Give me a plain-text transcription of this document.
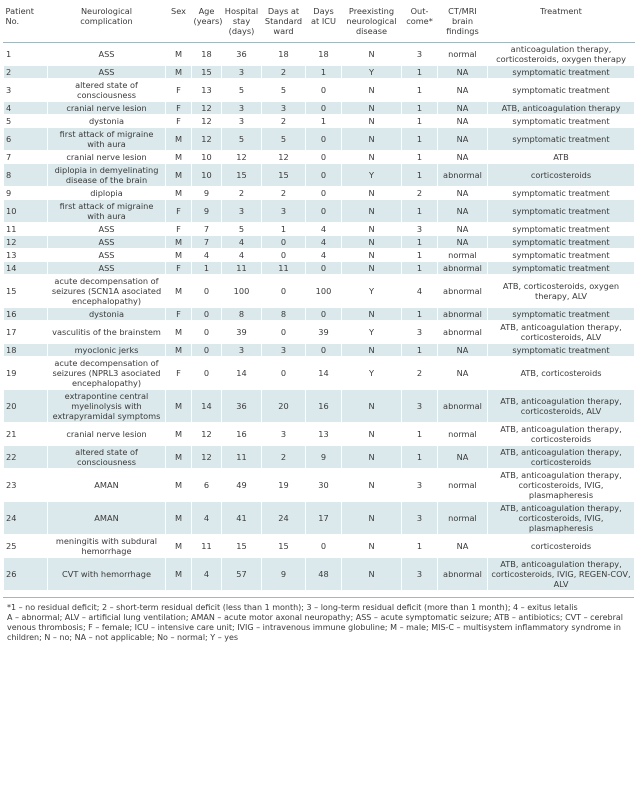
Patient
No.	Neurological
complication	Sex	Age
(years)	Hospital
stay
(days)	Days at
Standard
ward	Days
at ICU	Preexisting
neurological
disease	Out-
come*	CT/MRI
brain
findings	Treatment
1	ASS	M	18	36	18	18	N	3	normal	anticoagulation therapy, corticosteroids, oxygen therapy
2	ASS	M	15	3	2	1	Y	1	NA	symptomatic treatment
3	altered state of consciousness	F	13	5	5	0	N	1	NA	symptomatic treatment
4	cranial nerve lesion	F	12	3	3	0	N	1	NA	ATB, anticoagulation therapy
5	dystonia	F	12	3	2	1	N	1	NA	symptomatic treatment
6	first attack of migraine with aura	M	12	5	5	0	N	1	NA	symptomatic treatment
7	cranial nerve lesion	M	10	12	12	0	N	1	NA	ATB
8	diplopia in demyelinating disease of the brain	M	10	15	15	0	Y	1	abnormal	corticosteroids
9	diplopia	M	9	2	2	0	N	2	NA	symptomatic treatment
10	first attack of migraine with aura	F	9	3	3	0	N	1	NA	symptomatic treatment
11	ASS	F	7	5	1	4	N	3	NA	symptomatic treatment
12	ASS	M	7	4	0	4	N	1	NA	symptomatic treatment
13	ASS	M	4	4	0	4	N	1	normal	symptomatic treatment
14	ASS	F	1	11	11	0	N	1	abnormal	symptomatic treatment
15	acute decompensation of seizures (SCN1A asociated encephalopathy)	M	0	100	0	100	Y	4	abnormal	ATB, corticosteroids, oxygen therapy, ALV
16	dystonia	F	0	8	8	0	N	1	abnormal	symptomatic treatment
17	vasculitis of the brainstem	M	0	39	0	39	Y	3	abnormal	ATB, anticoagulation therapy, corticosteroids, ALV
18	myoclonic jerks	M	0	3	3	0	N	1	NA	symptomatic treatment
19	acute decompensation of seizures (NPRL3 asociated encephalopathy)	F	0	14	0	14	Y	2	NA	ATB, corticosteroids
20	extrapontine central myelinolysis with extrapyramidal symptoms	M	14	36	20	16	N	3	abnormal	ATB, anticoagulation therapy, corticosteroids, ALV
21	cranial nerve lesion	M	12	16	3	13	N	1	normal	ATB, anticoagulation therapy, corticosteroids
22	altered state of consciousness	M	12	11	2	9	N	1	NA	ATB, anticoagulation therapy, corticosteroids
23	AMAN	M	6	49	19	30	N	3	normal	ATB, anticoagulation therapy, corticosteroids, IVIG, plasmapheresis
24	AMAN	M	4	41	24	17	N	3	normal	ATB, anticoagulation therapy, corticosteroids, IVIG, plasmapheresis
25	meningitis with subdural hemorrhage	M	11	15	15	0	N	1	NA	corticosteroids
26	CVT with hemorrhage	M	4	57	9	48	N	3	abnormal	ATB, anticoagulation therapy, corticosteroids, IVIG, REGEN-COV, ALV

*1 – no residual deficit; 2 – short-term residual deficit (less than 1 month); 3 – long-term residual deficit (more than 1 month); 4 – exitus letalis

A – abnormal; ALV – artificial lung ventilation; AMAN – acute motor axonal neuropathy; ASS – acute symptomatic seizure; ATB – antibiotics; CVT – cerebral venous thrombosis; F – female; ICU – intensive care unit; IVIG – intravenous immune globuline; M – male; MIS-C – multisystem inflammatory syndrome in children; N – no; NA – not applicable; No – normal; Y – yes
